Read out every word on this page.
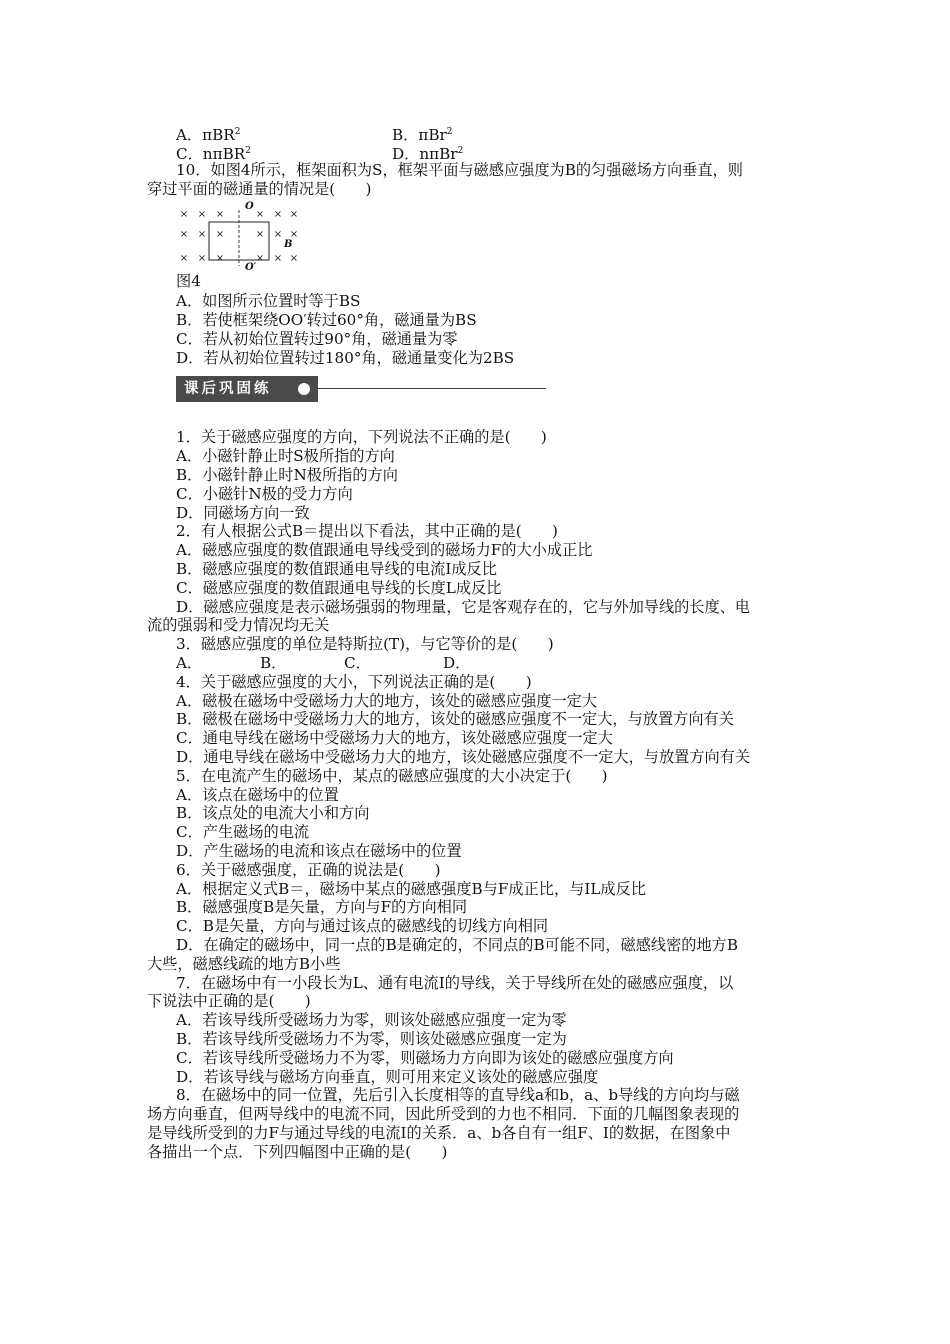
A．πBR$^2$	B．πBr$^2$
C．nπBR$^2$	D．nπBr$^2$
10．如图4所示，框架面积为S，框架平面与磁感应强度为B的匀强磁场方向垂直，则
穿过平面的磁通量的情况是(　　)
× × ×	× × ×
× × ×	× × ×
× × ×	× × ×
O
O′
B
图4
A．如图所示位置时等于BS
B．若使框架绕OO′转过60°角，磁通量为BS
C．若从初始位置转过90°角，磁通量为零
D．若从初始位置转过180°角，磁通量变化为2BS
课后巩固练
1．关于磁感应强度的方向，下列说法不正确的是(　　)
A．小磁针静止时S极所指的方向
B．小磁针静止时N极所指的方向
C．小磁针N极的受力方向
D．同磁场方向一致
2．有人根据公式B＝提出以下看法，其中正确的是(　　)
A．磁感应强度的数值跟通电导线受到的磁场力F的大小成正比
B．磁感应强度的数值跟通电导线的电流I成反比
C．磁感应强度的数值跟通电导线的长度L成反比
D．磁感应强度是表示磁场强弱的物理量，它是客观存在的，它与外加导线的长度、电
流的强弱和受力情况均无关
3．磁感应强度的单位是特斯拉(T)，与它等价的是(　　)
A．	B．	C．	D．
4．关于磁感应强度的大小，下列说法正确的是(　　)
A．磁极在磁场中受磁场力大的地方，该处的磁感应强度一定大
B．磁极在磁场中受磁场力大的地方，该处的磁感应强度不一定大，与放置方向有关
C．通电导线在磁场中受磁场力大的地方，该处磁感应强度一定大
D．通电导线在磁场中受磁场力大的地方，该处磁感应强度不一定大，与放置方向有关
5．在电流产生的磁场中，某点的磁感应强度的大小决定于(　　)
A．该点在磁场中的位置
B．该点处的电流大小和方向
C．产生磁场的电流
D．产生磁场的电流和该点在磁场中的位置
6．关于磁感强度，正确的说法是(　　)
A．根据定义式B＝，磁场中某点的磁感强度B与F成正比，与IL成反比
B．磁感强度B是矢量，方向与F的方向相同
C．B是矢量，方向与通过该点的磁感线的切线方向相同
D．在确定的磁场中，同一点的B是确定的，不同点的B可能不同，磁感线密的地方B
大些，磁感线疏的地方B小些
7．在磁场中有一小段长为L、通有电流I的导线，关于导线所在处的磁感应强度，以
下说法中正确的是(　　)
A．若该导线所受磁场力为零，则该处磁感应强度一定为零
B．若该导线所受磁场力不为零，则该处磁感应强度一定为
C．若该导线所受磁场力不为零，则磁场力方向即为该处的磁感应强度方向
D．若该导线与磁场方向垂直，则可用来定义该处的磁感应强度
8．在磁场中的同一位置，先后引入长度相等的直导线a和b，a、b导线的方向均与磁
场方向垂直，但两导线中的电流不同，因此所受到的力也不相同．下面的几幅图象表现的
是导线所受到的力F与通过导线的电流I的关系．a、b各自有一组F、I的数据，在图象中
各描出一个点．下列四幅图中正确的是(　　)
